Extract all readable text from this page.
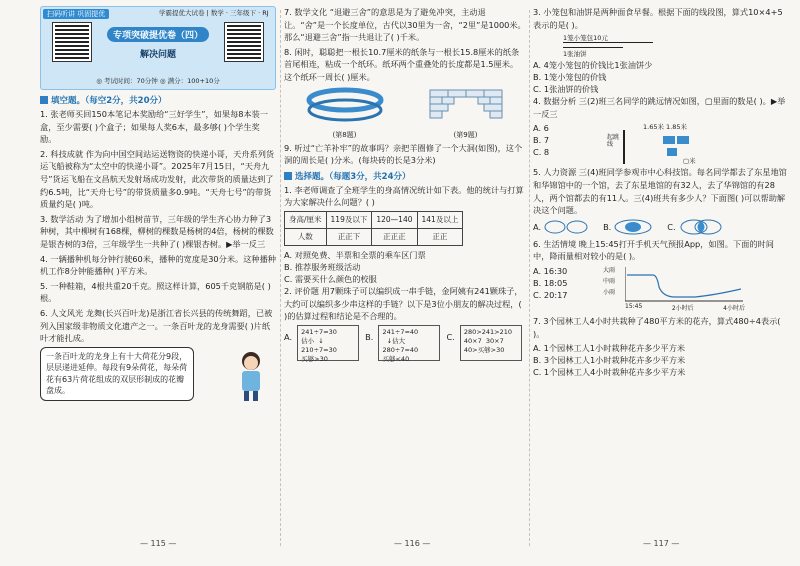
扫码听讲 巩固提优	学霸提优大试卷 | 数学 · 三年级下 · RJ
专项突破提优卷（四）
解决问题
◎ 考试时间：70分钟 ◎ 满分：100+10分
填空题。（每空2分，共20分）

1. 张老师买回150本笔记本奖励给“三好学生”，如果每8本装一盒，至少需要( )个盒子；如果每人奖6本，最多够( )个学生奖励。

2. 科技成就 作为向中国空间站运送物资的快递小哥，天舟系列货运飞船被称为“太空中的快递小哥”。2025年7月15日，“天舟九号”货运飞船在文昌航天发射场成功发射，此次带货的质量达到了约6.5吨，比“天舟七号”的带货质量多0.9吨。“天舟七号”的带货质量约是( )吨。

3. 数学活动 为了增加小组树苗节，三年级的学生齐心协力种了3种树，其中柳树有168棵，柳树的棵数是杨树的4倍，杨树的棵数是银杏树的3倍，三年级学生一共种了( )棵银杏树。▶举一反三

4. 一辆播种机每分钟行驶60米，播种的宽度是30分米。这种播种机工作8分钟能播种( )平方米。

5. 一种鞋箱，4根共重20千克。照这样计算，605千克钢筋是( )根。

6. 人文风光 龙舞(长兴百叶龙)是浙江省长兴县的传统舞蹈，已被列入国家级非物质文化遗产之一。一条百叶龙的龙身需要( )片纸叶才能扎成。

一条百叶龙的龙身上有十大荷花分9段，层层递进延伸。每段有9朵荷花，每朵荷花有63片荷花组成的双层形制成的花瓣盘成。
— 115 —

7. 数学文化 “退避三舍”的意思是为了避免冲突，主动退让。“舍”是一个长度单位，古代以30里为一舍，“2里”是1000米。那么“退避三舍”指一共退让了( )千米。

8. 闲时，聪聪把一根长10.7厘米的纸条与一根长15.8厘米的纸条首尾相连，粘成一个纸环。纸环两个重叠处的长度都是1.5厘米。这个纸环一周长( )厘米。

(第8题)	(第9题)

9. 听过“亡羊补牢”的故事吗？亲把羊圈修了一个大洞(如图)，这个洞的周长是( )分米。(每块砖的长是3分米)

选择题。（每题3分，共24分）

1. 李老师调查了全班学生的身高情况统计如下表。他的统计与打算为大家解决什么问题？( )

身高/厘米	119及以下	120—140	141及以上
人数	正正下	正正正	正正
A. 对照免费、半票和全票的乘车区门票
B. 推荐服务班级活动
C. 需要买什么颜色的校服

2. 评价题 用7颗珠子可以编织成一串手链，金阿姨有241颗珠子，大约可以编织多少串这样的手链？以下是3位小朋友的解决过程，( )的估算过程和结论是不合理的。

A. 241÷7≈30
估小  ↓
210÷7=30
买够>30
B. 241÷7≈40
↓估大
280÷7=40
买够<40
C. 280>241>210
40×7  30×7
40>买够>30
— 116 —

3. 小笼包和油饼是两种面食早餐。根据下面的线段图，算式10×4+5表示的是( )。

1笼小笼包10元
1张油饼
A. 4笼小笼包的价钱比1张油饼少
B. 1笼小笼包的价钱
C. 1张油饼的价钱

4. 数据分析 三(2)班三名同学的跳远情况如图，▢里面的数是( )。▶举一反三

A. 6
B. 7
C. 8
1.65米 1.85米
起跳线
▢米

5. 人力资源 三(4)班同学参观市中心科技馆。每名同学都去了东星地馆和华锦馆中的一个馆，去了东星地馆的有32人，去了华锦馆的有28人，两个馆都去的有11人。三(4)班共有多少人？下面图( )可以帮助解决这个问题。

A.	B.	C.

6. 生活情境 晚上15:45打开手机天气预报App，如图。下面的时间中，降雨量相对较小的是( )。

A. 16:30
B. 18:05
C. 20:17
大雨
中雨
小雨
15:45	2小时后	4小时后

7. 3个园林工人4小时共栽种了480平方米的花卉，算式480÷4表示( )。

A. 1个园林工人1小时栽种花卉多少平方米
B. 3个园林工人1小时栽种花卉多少平方米
C. 1个园林工人4小时栽种花卉多少平方米
— 117 —
